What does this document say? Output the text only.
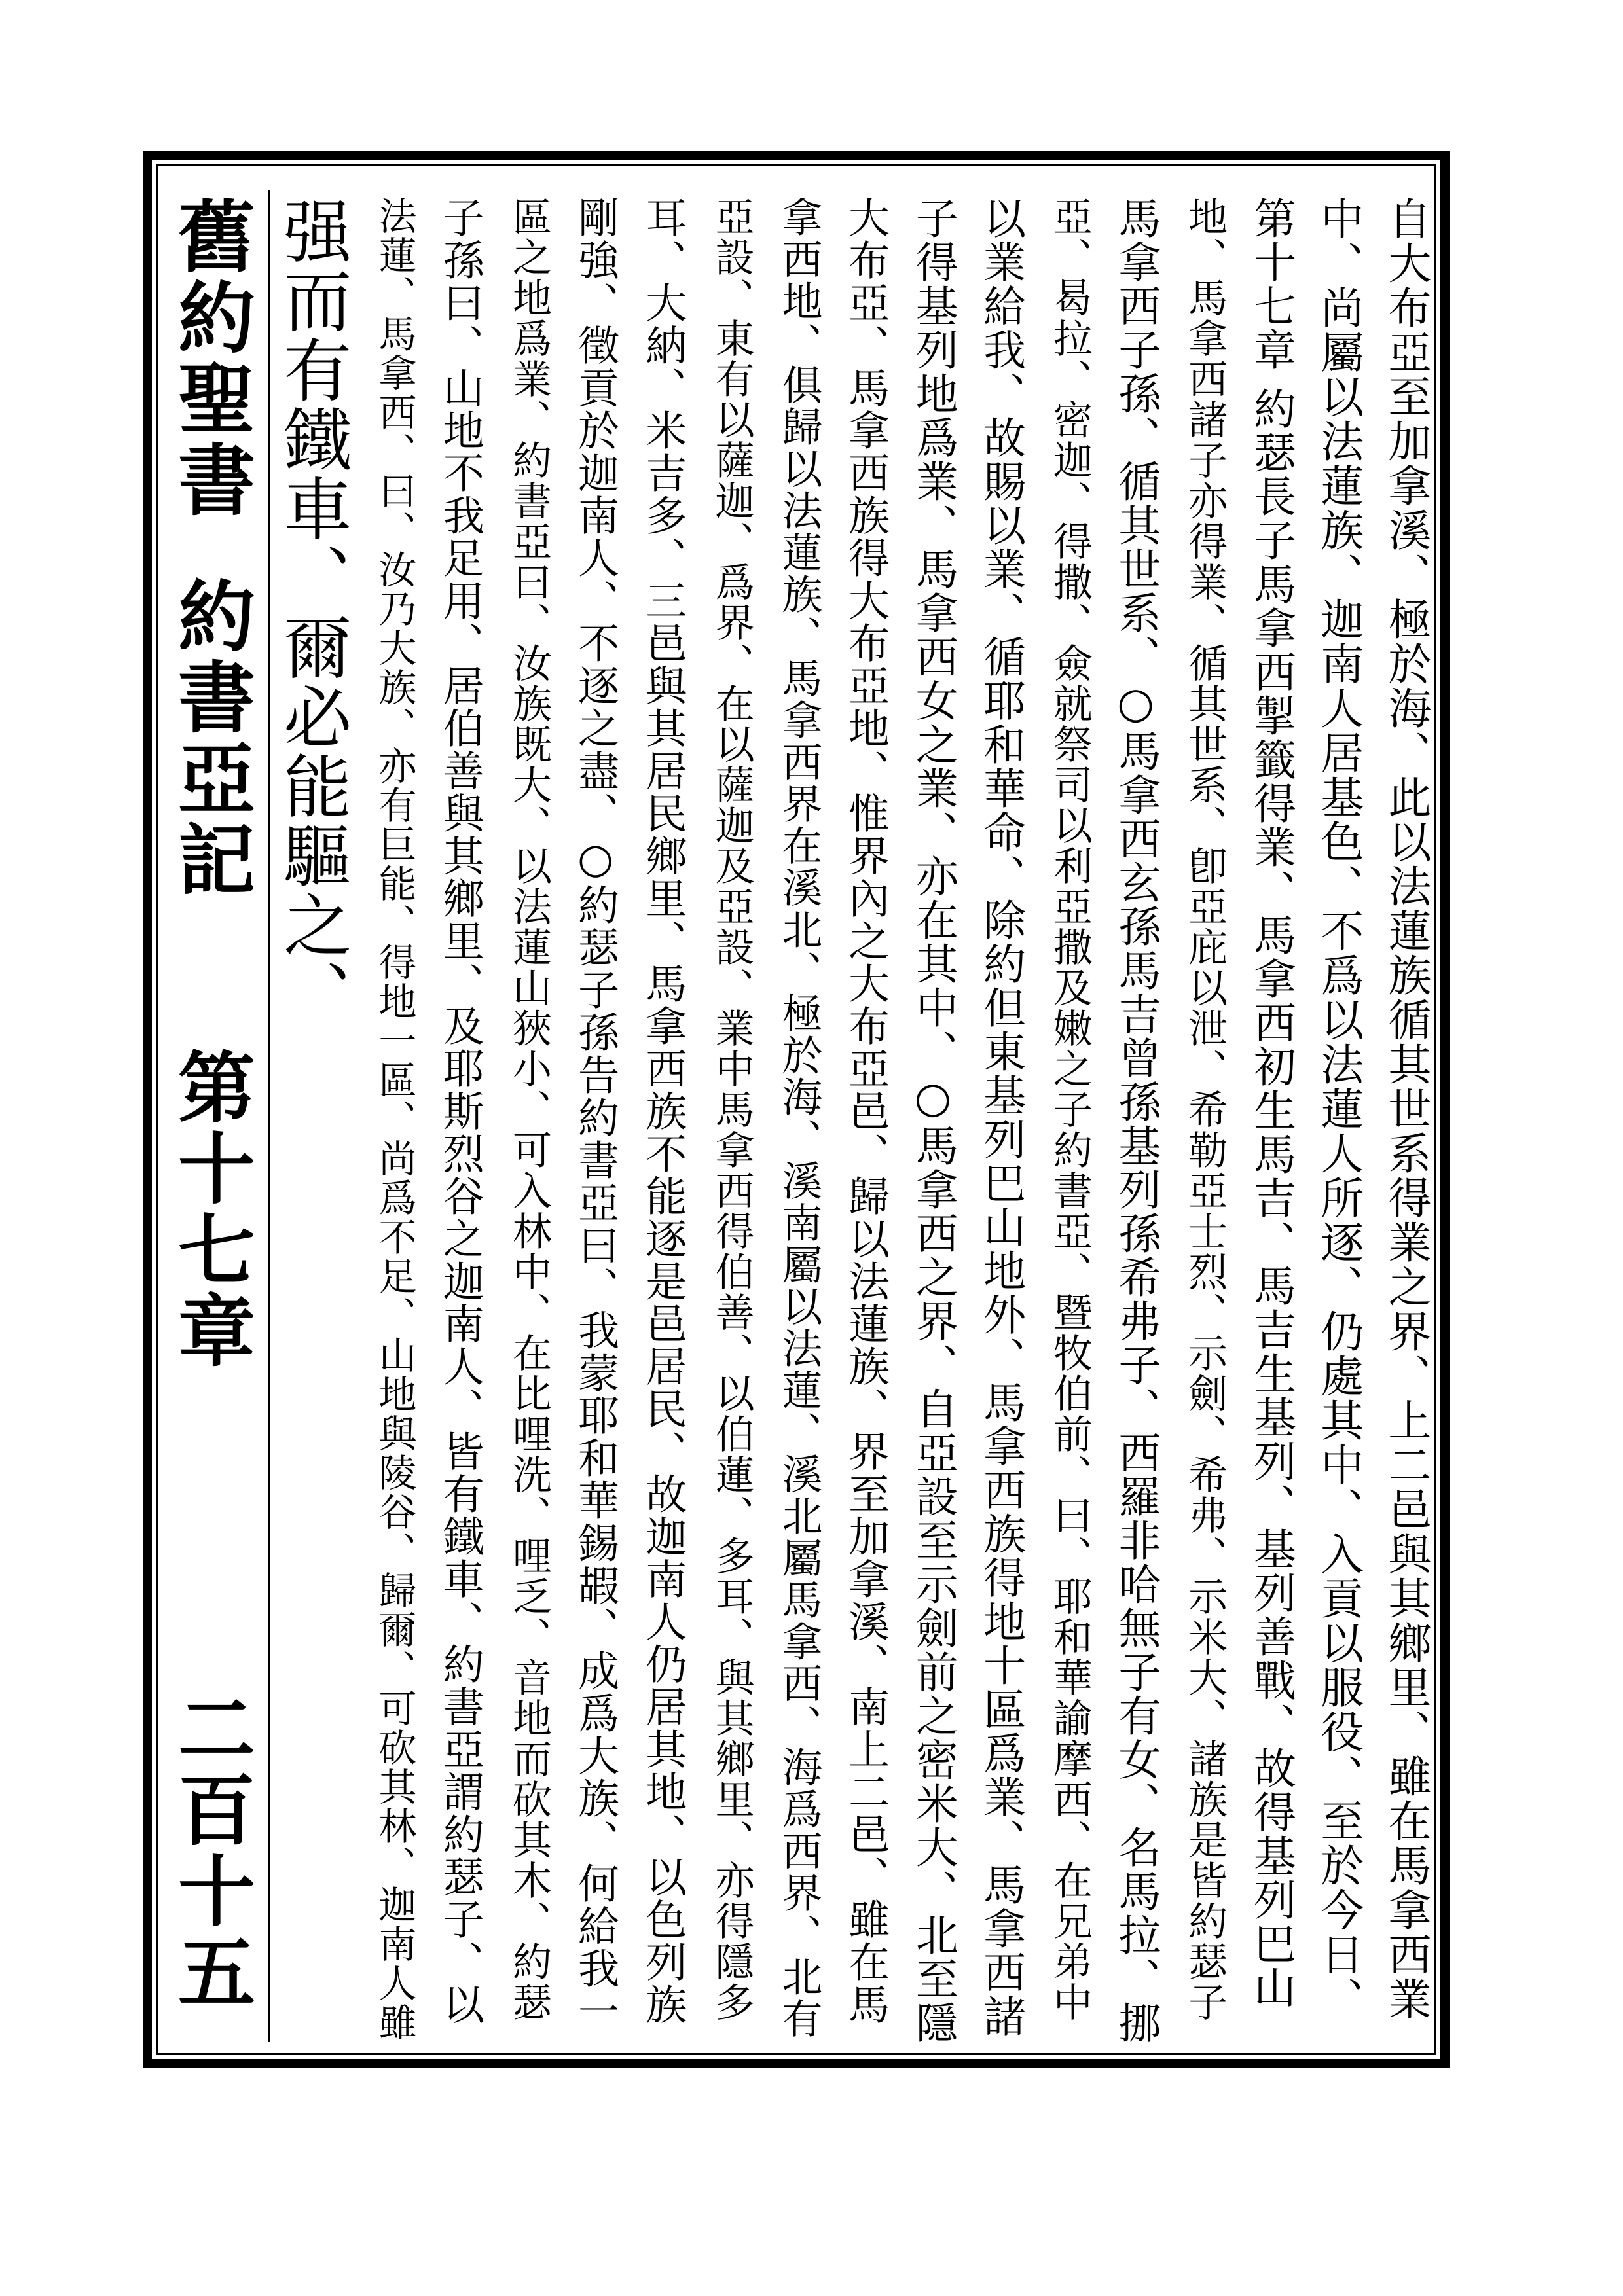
舊約聖書
約書亞記
第十七章
二百十五	自大布亞至加拿溪、極於海、此以法蓮族循其世系得業之界、上二邑與其鄉里、雖在馬拿西業
中、尚屬以法蓮族、迦南人居基色、不爲以法蓮人所逐、仍處其中、入貢以服役、至於今日、
第十七章 約瑟長子馬拿西掣籤得業、馬拿西初生馬吉、馬吉生基列、基列善戰、故得基列巴山
地、馬拿西諸子亦得業、循其世系、卽亞庇以泄、希勒亞士烈、示劍、希弗、示米大、諸族是皆約瑟子
馬拿西子孫、循其世系、○馬拿西玄孫馬吉曾孫基列孫希弗子、西羅非哈無子有女、名馬拉、挪
亞、曷拉、密迦、得撒、僉就祭司以利亞撒及嫩之子約書亞、暨牧伯前、曰、耶和華諭摩西、在兄弟中
以業給我、故賜以業、循耶和華命、除約但東基列巴山地外、馬拿西族得地十區爲業、馬拿西諸
子得基列地爲業、馬拿西女之業、亦在其中、○馬拿西之界、自亞設至示劍前之密米大、北至隱
大布亞、馬拿西族得大布亞地、惟界內之大布亞邑、歸以法蓮族、界至加拿溪、南上二邑、雖在馬
拿西地、俱歸以法蓮族、馬拿西界在溪北、極於海、溪南屬以法蓮、溪北屬馬拿西、海爲西界、北有
亞設、東有以薩迦、爲界、在以薩迦及亞設、業中馬拿西得伯善、以伯蓮、多耳、與其鄉里、亦得隱多
耳、大納、米吉多、三邑與其居民鄉里、馬拿西族不能逐是邑居民、故迦南人仍居其地、以色列族
剛強、徵貢於迦南人、不逐之盡、○約瑟子孫告約書亞曰、我蒙耶和華錫嘏、成爲大族、何給我一
區之地爲業、約書亞曰、汝族既大、以法蓮山狹小、可入林中、在比哩洗、哩乏、音地而砍其木、約瑟
子孫曰、山地不我足用、居伯善與其鄉里、及耶斯烈谷之迦南人、皆有鐵車、約書亞謂約瑟子、以
法蓮、馬拿西、曰、汝乃大族、亦有巨能、得地一區、尚爲不足、山地與陵谷、歸爾、可砍其林、迦南人雖
强而有鐵車、爾必能驅之、
